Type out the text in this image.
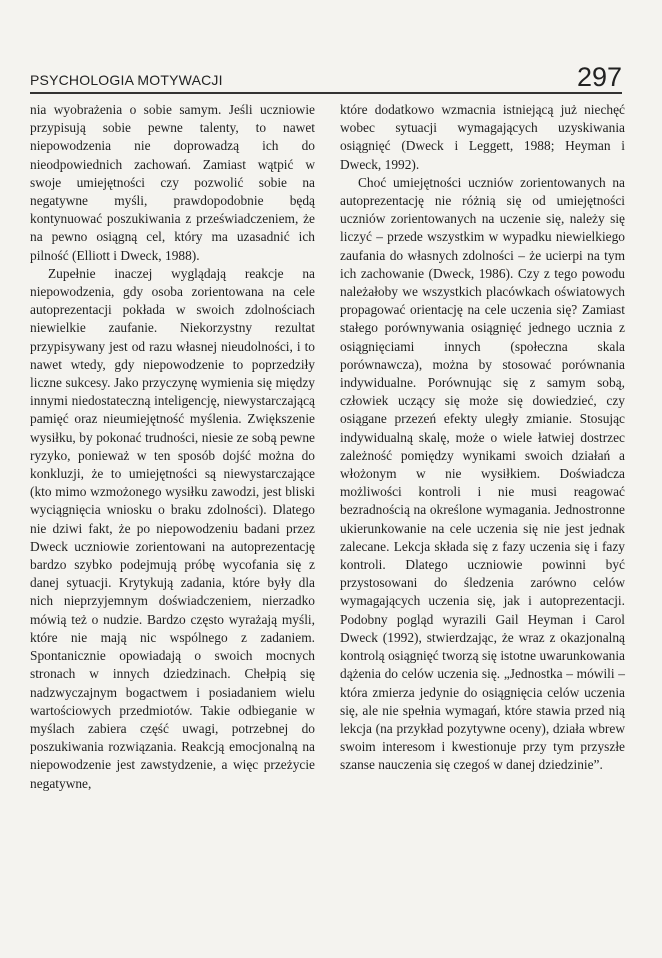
PSYCHOLOGIA MOTYWACJI	297

nia wyobrażenia o sobie samym. Jeśli uczniowie przypisują sobie pewne talenty, to nawet niepowodzenia nie doprowadzą ich do nieodpowiednich zachowań. Zamiast wątpić w swoje umiejętności czy pozwolić sobie na negatywne myśli, prawdopodobnie będą kontynuować poszukiwania z przeświadczeniem, że na pewno osiągną cel, który ma uzasadnić ich pilność (Elliott i Dweck, 1988).

Zupełnie inaczej wyglądają reakcje na niepowodzenia, gdy osoba zorientowana na cele autoprezentacji pokłada w swoich zdolnościach niewielkie zaufanie. Niekorzystny rezultat przypisywany jest od razu własnej nieudolności, i to nawet wtedy, gdy niepowodzenie to poprzedziły liczne sukcesy. Jako przyczynę wymienia się między innymi niedostateczną inteligencję, niewystarczającą pamięć oraz nieumiejętność myślenia. Zwiększenie wysiłku, by pokonać trudności, niesie ze sobą pewne ryzyko, ponieważ w ten sposób dojść można do konkluzji, że to umiejętności są niewystarczające (kto mimo wzmożonego wysiłku zawodzi, jest bliski wyciągnięcia wniosku o braku zdolności). Dlatego nie dziwi fakt, że po niepowodzeniu badani przez Dweck uczniowie zorientowani na autoprezentację bardzo szybko podejmują próbę wycofania się z danej sytuacji. Krytykują zadania, które były dla nich nieprzyjemnym doświadczeniem, nierzadko mówią też o nudzie. Bardzo często wyrażają myśli, które nie mają nic wspólnego z zadaniem. Spontanicznie opowiadają o swoich mocnych stronach w innych dziedzinach. Chełpią się nadzwyczajnym bogactwem i posiadaniem wielu wartościowych przedmiotów. Takie odbieganie w myślach zabiera część uwagi, potrzebnej do poszukiwania rozwiązania. Reakcją emocjonalną na niepowodzenie jest zawstydzenie, a więc przeżycie negatywne,

które dodatkowo wzmacnia istniejącą już niechęć wobec sytuacji wymagających uzyskiwania osiągnięć (Dweck i Leggett, 1988; Heyman i Dweck, 1992).

Choć umiejętności uczniów zorientowanych na autoprezentację nie różnią się od umiejętności uczniów zorientowanych na uczenie się, należy się liczyć – przede wszystkim w wypadku niewielkiego zaufania do własnych zdolności – że ucierpi na tym ich zachowanie (Dweck, 1986). Czy z tego powodu należałoby we wszystkich placówkach oświatowych propagować orientację na cele uczenia się? Zamiast stałego porównywania osiągnięć jednego ucznia z osiągnięciami innych (społeczna skala porównawcza), można by stosować porównania indywidualne. Porównując się z samym sobą, człowiek uczący się może się dowiedzieć, czy osiągane przezeń efekty uległy zmianie. Stosując indywidualną skalę, może o wiele łatwiej dostrzec zależność pomiędzy wynikami swoich działań a włożonym w nie wysiłkiem. Doświadcza możliwości kontroli i nie musi reagować bezradnością na określone wymagania. Jednostronne ukierunkowanie na cele uczenia się nie jest jednak zalecane. Lekcja składa się z fazy uczenia się i fazy kontroli. Dlatego uczniowie powinni być przystosowani do śledzenia zarówno celów wymagających uczenia się, jak i autoprezentacji. Podobny pogląd wyrazili Gail Heyman i Carol Dweck (1992), stwierdzając, że wraz z okazjonalną kontrolą osiągnięć tworzą się istotne uwarunkowania dążenia do celów uczenia się. „Jednostka – mówili – która zmierza jedynie do osiągnięcia celów uczenia się, ale nie spełnia wymagań, które stawia przed nią lekcja (na przykład pozytywne oceny), działa wbrew swoim interesom i kwestionuje przy tym przyszłe szanse nauczenia się czegoś w danej dziedzinie”.
